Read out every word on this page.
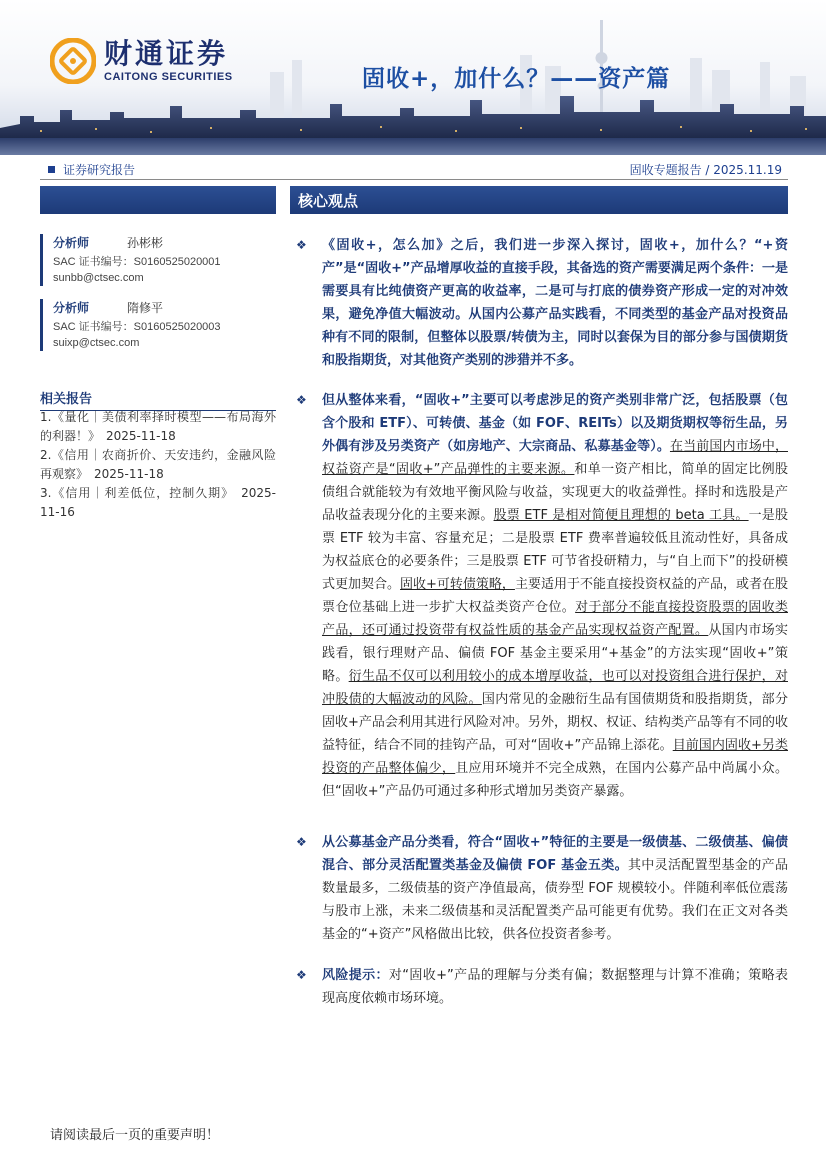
财通证券
CAITONG SECURITIES	固收+，加什么？——资产篇
证券研究报告	固收专题报告 / 2025.11.19
分析师	孙彬彬
SAC 证书编号：S0160525020001
sunbb@ctsec.com
分析师	隋修平
SAC 证书编号：S0160525020003
suixp@ctsec.com
相关报告
1.《量化｜美债利率择时模型——布局海外的利器！》　2025-11-18
2.《信用｜农商折价、天安违约，金融风险再观察》　2025-11-18
3.《信用｜利差低位，控制久期》　2025-11-16
核心观点
❖	《固收+，怎么加》之后，我们进一步深入探讨，固收+，加什么？“+资产”是“固收+”产品增厚收益的直接手段，其备选的资产需要满足两个条件：一是需要具有比纯债资产更高的收益率，二是可与打底的债券资产形成一定的对冲效果，避免净值大幅波动。从国内公募产品实践看，不同类型的基金产品对投资品种有不同的限制，但整体以股票/转债为主，同时以套保为目的部分参与国债期货和股指期货，对其他资产类别的涉猎并不多。
❖	但从整体来看，“固收+”主要可以考虑涉足的资产类别非常广泛，包括股票（包含个股和 ETF）、可转债、基金（如 FOF、REITs）以及期货期权等衍生品，另外偶有涉及另类资产（如房地产、大宗商品、私募基金等）。在当前国内市场中，权益资产是“固收+”产品弹性的主要来源。和单一资产相比，简单的固定比例股债组合就能较为有效地平衡风险与收益，实现更大的收益弹性。择时和选股是产品收益表现分化的主要来源。股票 ETF 是相对简便且理想的 beta 工具。一是股票 ETF 较为丰富、容量充足；二是股票 ETF 费率普遍较低且流动性好，具备成为权益底仓的必要条件；三是股票 ETF 可节省投研精力，与“自上而下”的投研模式更加契合。固收+可转债策略，主要适用于不能直接投资权益的产品，或者在股票仓位基础上进一步扩大权益类资产仓位。对于部分不能直接投资股票的固收类产品，还可通过投资带有权益性质的基金产品实现权益资产配置。从国内市场实践看，银行理财产品、偏债 FOF 基金主要采用“+基金”的方法实现“固收+”策略。衍生品不仅可以利用较小的成本增厚收益，也可以对投资组合进行保护，对冲股债的大幅波动的风险。国内常见的金融衍生品有国债期货和股指期货，部分固收+产品会利用其进行风险对冲。另外，期权、权证、结构类产品等有不同的收益特征，结合不同的挂钩产品，可对“固收+”产品锦上添花。目前国内固收+另类投资的产品整体偏少，且应用环境并不完全成熟，在国内公募产品中尚属小众。但“固收+”产品仍可通过多种形式增加另类资产暴露。
❖	从公募基金产品分类看，符合“固收+”特征的主要是一级债基、二级债基、偏债混合、部分灵活配置类基金及偏债 FOF 基金五类。其中灵活配置型基金的产品数量最多，二级债基的资产净值最高，债券型 FOF 规模较小。伴随利率低位震荡与股市上涨，未来二级债基和灵活配置类产品可能更有优势。我们在正文对各类基金的“+资产”风格做出比较，供各位投资者参考。
❖	风险提示：对“固收+”产品的理解与分类有偏；数据整理与计算不准确；策略表现高度依赖市场环境。
请阅读最后一页的重要声明！
